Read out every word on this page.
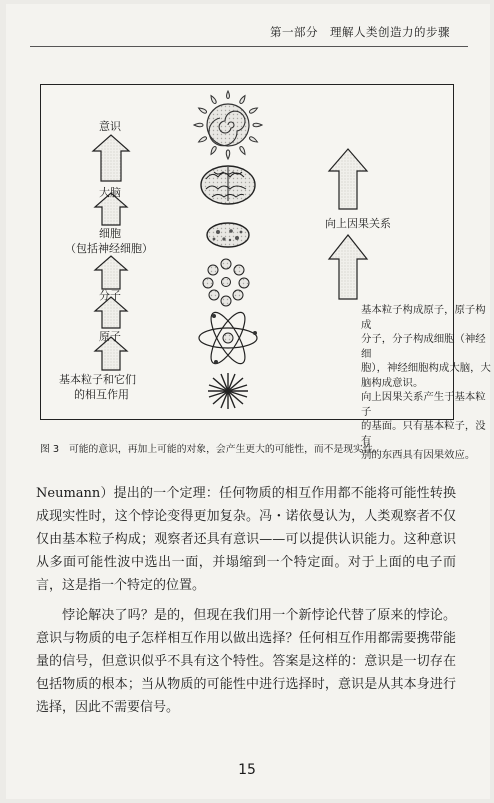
第一部分　理解人类创造力的步骤
意识
大脑
细胞
（包括神经细胞）
分子
原子
基本粒子和它们
的相互作用
向上因果关系
基本粒子构成原子，原子构成
分子，分子构成细胞（神经细
胞），神经细胞构成大脑，大
脑构成意识。
向上因果关系产生于基本粒子
的基面。只有基本粒子，没有
别的东西具有因果效应。
图 3　可能的意识，再加上可能的对象，会产生更大的可能性，而不是现实性。
Neumann）提出的一个定理：任何物质的相互作用都不能将可能性转换成现实性时，这个悖论变得更加复杂。冯・诺依曼认为，人类观察者不仅仅由基本粒子构成；观察者还具有意识——可以提供认识能力。这种意识从多面可能性波中选出一面，并塌缩到一个特定面。对于上面的电子而言，这是指一个特定的位置。
悖论解决了吗？是的，但现在我们用一个新悖论代替了原来的悖论。意识与物质的电子怎样相互作用以做出选择？任何相互作用都需要携带能量的信号，但意识似乎不具有这个特性。答案是这样的：意识是一切存在包括物质的根本；当从物质的可能性中进行选择时，意识是从其本身进行选择，因此不需要信号。
15
